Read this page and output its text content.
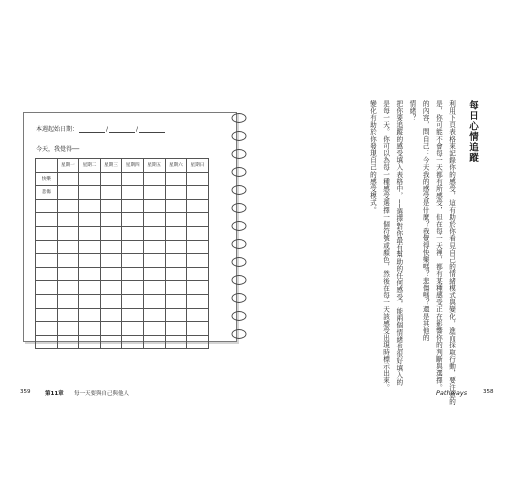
本週起始日期：	/	/
今天，我覺得──
	星期一	星期二	星期三	星期四	星期五	星期六	星期日
快樂							
悲傷							

359	第11章 每一天要與自己與他人
每日心情追蹤
利用下頁表格來記錄你的感受，這有助於你看見自己的情緒模式與變化，進而採取行動，要注意的
是，你可能不會每一天都有所感受，但在每一天裡，都有某種感受正在影響你的判斷與選擇。
的內容，問自己：今天我的感受是什麼？我覺得快樂嗎？悲傷嗎？還是其他的
情緒？
把你要追蹤的感受填入表格中，──選擇對你最有幫助的任何感受，能兩個情緒也很好填入的
是每一天。你可以為每一種感受選擇一個符號或顏色，然後在每一天該感受出現時標示出來。
變化有助於你發現自己的感受模式。
Pathways	358
